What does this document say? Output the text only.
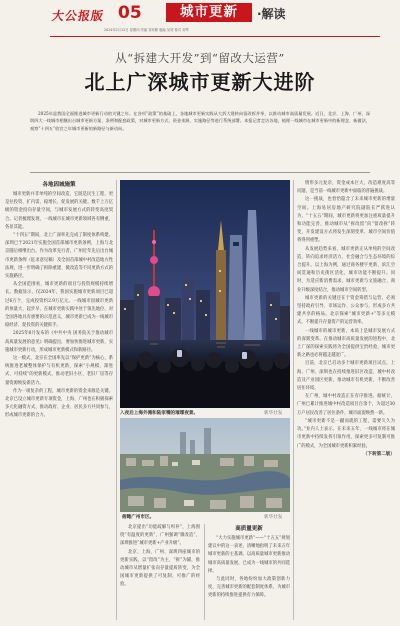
大公报版 05
2024年2月12日 星期四 责编 邹家勤 版编 吴靖 校对 刘琴
城市更新	·解读
从“拆建大开发”到“留改大运营”
北上广深城市更新大进阶
2025年是我国全面推进城市更新行动的关键之年。在各项“政策”的基础上，各地城市更新实践从大拆大建转向留改拆并举，以推动城市高质量发展。近日，北京、上海、广州、深圳四大一线城市相继出台城市更新方案、条例和配套政策，对城市更新方式、资金来源、实施路径等进行系统部署。本报记者走访各地，梳理一线城市在城市更新中的新理念、新做法，观察“十四五”收官之年城市更新的新路径与新动向。
各地因城施策

城市更新并非单纯的空间改造，它既是民生工程，更是拉投资、扩内需、稳增长、促发展的关键。数千上万亿级的资金投向存量空间，与城市发展方式的转变高度契合。记者梳理发现，一线城市在城市更新领域各有侧重、各显其能。

“十四五”期间，北上广深率先完成了制度体系构建。深圳已于2021年实施全国首部城市更新条例，上海与北京随后相继出台。作为改革先行者，广州近年先后出台城市更新条例（征求意见稿）及全国首部城中村改造地方性法规，进一步明确了拆除重建、微改造等不同更新方式的实施路径。

从全国范围看，城市更新的项目与投资规模持续增长。数据显示，仅2024年，我国实施城市更新项目已超过6万个，完成投资约2.9万亿元。一线城市因城市更新的体量大、起步早，在城市更新实践中处于领先地位，对全国各地具有重要的示范意义，城市更新已成为一线城市稳经济、促投资的关键抓手。

2025年8月发布的《中共中央 国务院关于推动城市高质量发展的意见》明确提出，要加快推进城市更新，实施城市更新行动，形成城市更新模式和新路径。

这一模式，北京在全国率先以“保护更新”为核心，系统推进老城整体保护与有机更新，探索“小规模、渐进式、可持续”的更新模式，推动老旧小区、老旧厂房等存量资源焕发新活力。

作为一项复杂的工程，城市更新的资金来源是关键。北京已设立城市更新专项资金，上海、广州也在积极探索多元化融资方式，推动政府、企业、居民多方共同参与，形成城市更新的合力。	入夜后上海外滩和陆家嘴的璀璨夜景。	新华社发
俯瞰广州市区。	新华社发

北京提出“功能疏解与织补”，上海围绕“有温度的更新”，广州强调“微改造”，深圳推进“城市更新+产业升级”。

北京、上海、广州、深圳四座城市的更新实践，以“留改”为主、“拆”为辅，推动城市从增量扩张向存量提质转变，为全国城市更新提供了可复制、可推广的经验。

高质量更新

“大力实施城市更新”——“十五五”规划建议中的这一表述，清晰地指明了未来五年城市更新的主基调。以高质量城市更新推动城市高质量发展，已成为一线城市的共同选择。

与此同时，各地纷纷加大政策创新力度，完善城市更新的配套制度体系，为城市更新的持续推进提供有力保障。

情形多元复杂，资金成本巨大，改造难度高等问题，是当前一线城市更新中面临的普遍挑战。

这一挑战，也恰恰隐含了未来城市更新的增量空间。上海易居房地产研究院副院长严跃进认为，“十五五”期间，城市更新将更加注重质量提升和功能完善，推动城市从“拆改留”向“留改拆”转变，开发建设方式将发生深刻变革，城市空间价值将得到重塑。

从发展趋势来看，城市更新正从单纯的空间改造，转向追求经济活力、社会融合与生态环境的综合提升。以上海为例，通过商务楼宇更新、滨江空间贯通和历史街区活化，城市功能不断提升。同时，为适应新消费需求，城市更新与文旅融合、商业升级深度结合，推动城市空间转型。

城市更新的关键还在于资金筹措与运营，必须坚持政府引导、市场运作、公众参与，形成多方共建共享的格局。北京探索“城市更新+”等多元模式，不断提升存量资产的运营效率。

一线城市的城市更新，本质上是城市发展方式的深刻变革。在推动城市高质量发展的进程中，北上广深的探索实践将为全国提供宝贵经验，城市更新之路也必将越走越宽广。

目前，北京已启动多个城市更新项目试点，上海、广州、深圳也在持续推进旧区改造、城中村改造及产业园区更新，推动城市有机更新，不断改善居住环境。

在广州，城中村改造正在有序推进。据统计，广州已累计推进城中村改造项目百余个，为超过30万户居民改善了居住条件，城市面貌焕然一新。

“城市更新不是一蹴而就的工程，需要久久为功。”业内人士表示，在未来五年，一线城市将在城市更新中持续发挥引领作用，探索更多可复制可推广的模式，为全国城市更新积累经验。

（下转第二版）
